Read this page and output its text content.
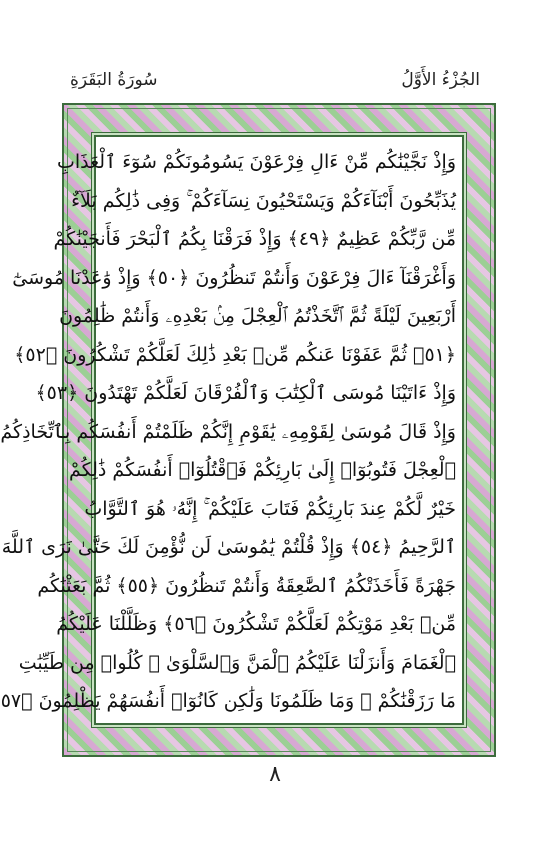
الجُزْءُ الأَوَّلُ
سُورَةُ البَقَرَةِ
وَإِذْ نَجَّيْنَٰكُم مِّنْ ءَالِ فِرْعَوْنَ يَسُومُونَكُمْ سُوٓءَ ٱلْعَذَابِ
يُذَبِّحُونَ أَبْنَآءَكُمْ وَيَسْتَحْيُونَ نِسَآءَكُمْ ۚ وَفِى ذَٰلِكُم بَلَآءٌ
مِّن رَّبِّكُمْ عَظِيمٌ ﴿٤٩﴾ وَإِذْ فَرَقْنَا بِكُمُ ٱلْبَحْرَ فَأَنجَيْنَٰكُمْ
وَأَغْرَقْنَآ ءَالَ فِرْعَوْنَ وَأَنتُمْ تَنظُرُونَ ﴿٥٠﴾ وَإِذْ وَٰعَدْنَا مُوسَىٰٓ
أَرْبَعِينَ لَيْلَةً ثُمَّ ٱتَّخَذْتُمُ ٱلْعِجْلَ مِنۢ بَعْدِهِۦ وَأَنتُمْ ظَٰلِمُونَ
﴿٥١﴾ ثُمَّ عَفَوْنَا عَنكُم مِّنۢ بَعْدِ ذَٰلِكَ لَعَلَّكُمْ تَشْكُرُونَ ﴿٥٢﴾
وَإِذْ ءَاتَيْنَا مُوسَى ٱلْكِتَٰبَ وَٱلْفُرْقَانَ لَعَلَّكُمْ تَهْتَدُونَ ﴿٥٣﴾
وَإِذْ قَالَ مُوسَىٰ لِقَوْمِهِۦ يَٰقَوْمِ إِنَّكُمْ ظَلَمْتُمْ أَنفُسَكُم بِٱتِّخَاذِكُمُ
ٱلْعِجْلَ فَتُوبُوٓا۟ إِلَىٰ بَارِئِكُمْ فَٱقْتُلُوٓا۟ أَنفُسَكُمْ ذَٰلِكُمْ
خَيْرٌ لَّكُمْ عِندَ بَارِئِكُمْ فَتَابَ عَلَيْكُمْ ۚ إِنَّهُۥ هُوَ ٱلتَّوَّابُ
ٱلرَّحِيمُ ﴿٥٤﴾ وَإِذْ قُلْتُمْ يَٰمُوسَىٰ لَن نُّؤْمِنَ لَكَ حَتَّىٰ نَرَى ٱللَّهَ
جَهْرَةً فَأَخَذَتْكُمُ ٱلصَّٰعِقَةُ وَأَنتُمْ تَنظُرُونَ ﴿٥٥﴾ ثُمَّ بَعَثْنَٰكُم
مِّنۢ بَعْدِ مَوْتِكُمْ لَعَلَّكُمْ تَشْكُرُونَ ﴿٥٦﴾ وَظَلَّلْنَا عَلَيْكُمُ
ٱلْغَمَامَ وَأَنزَلْنَا عَلَيْكُمُ ٱلْمَنَّ وَٱلسَّلْوَىٰ ۖ كُلُوا۟ مِن طَيِّبَٰتِ
مَا رَزَقْنَٰكُمْ ۖ وَمَا ظَلَمُونَا وَلَٰكِن كَانُوٓا۟ أَنفُسَهُمْ يَظْلِمُونَ ﴿٥٧
٨
